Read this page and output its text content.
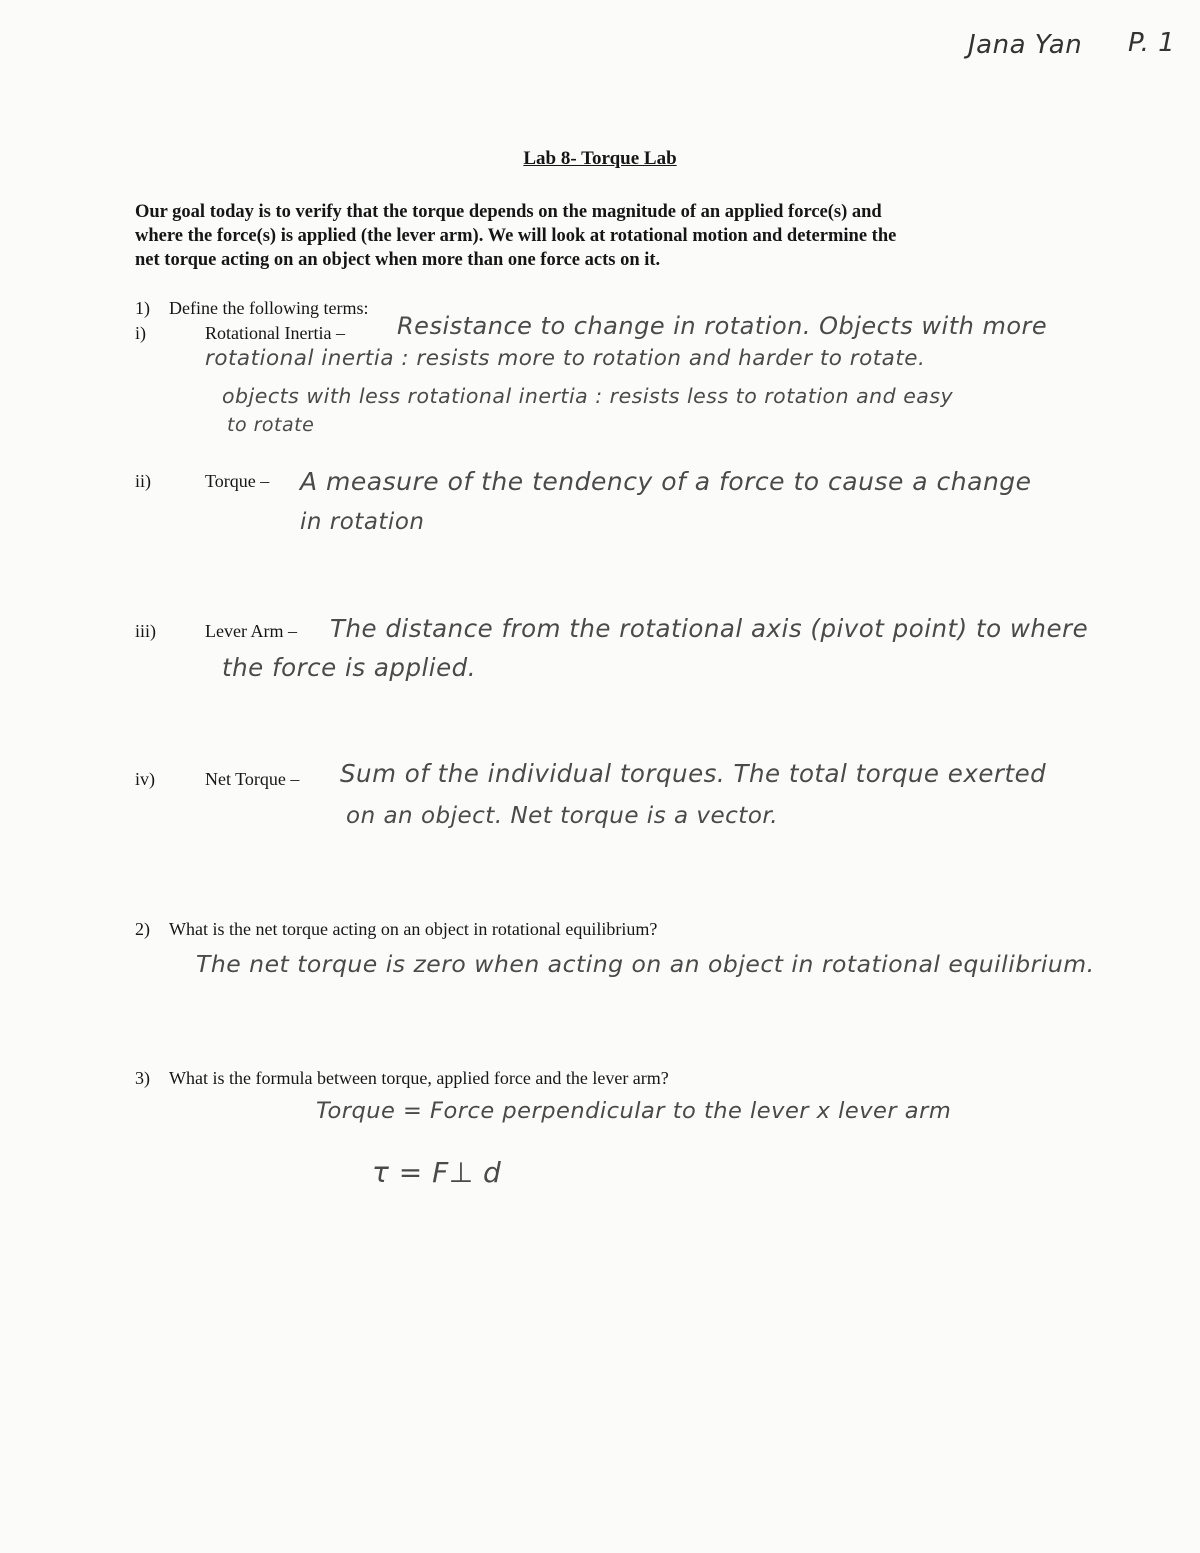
Jana Yan P. 1
Lab 8- Torque Lab
Our goal today is to verify that the torque depends on the magnitude of an applied force(s) and
where the force(s) is applied (the lever arm). We will look at rotational motion and determine the
net torque acting on an object when more than one force acts on it.
1) Define the following terms:
i)	Rotational Inertia – Resistance to change in rotation. Objects with more
rotational inertia : resists more to rotation and harder to rotate.
objects with less rotational inertia : resists less to rotation and easy
to rotate
ii)	Torque – A measure of the tendency of a force to cause a change
in rotation
iii)	Lever Arm – The distance from the rotational axis (pivot point) to where
the force is applied.
iv)	Net Torque – Sum of the individual torques. The total torque exerted
on an object. Net torque is a vector.
2) What is the net torque acting on an object in rotational equilibrium?
The net torque is zero when acting on an object in rotational equilibrium.
3) What is the formula between torque, applied force and the lever arm?
Torque = Force perpendicular to the lever x lever arm
τ = F⊥ d
